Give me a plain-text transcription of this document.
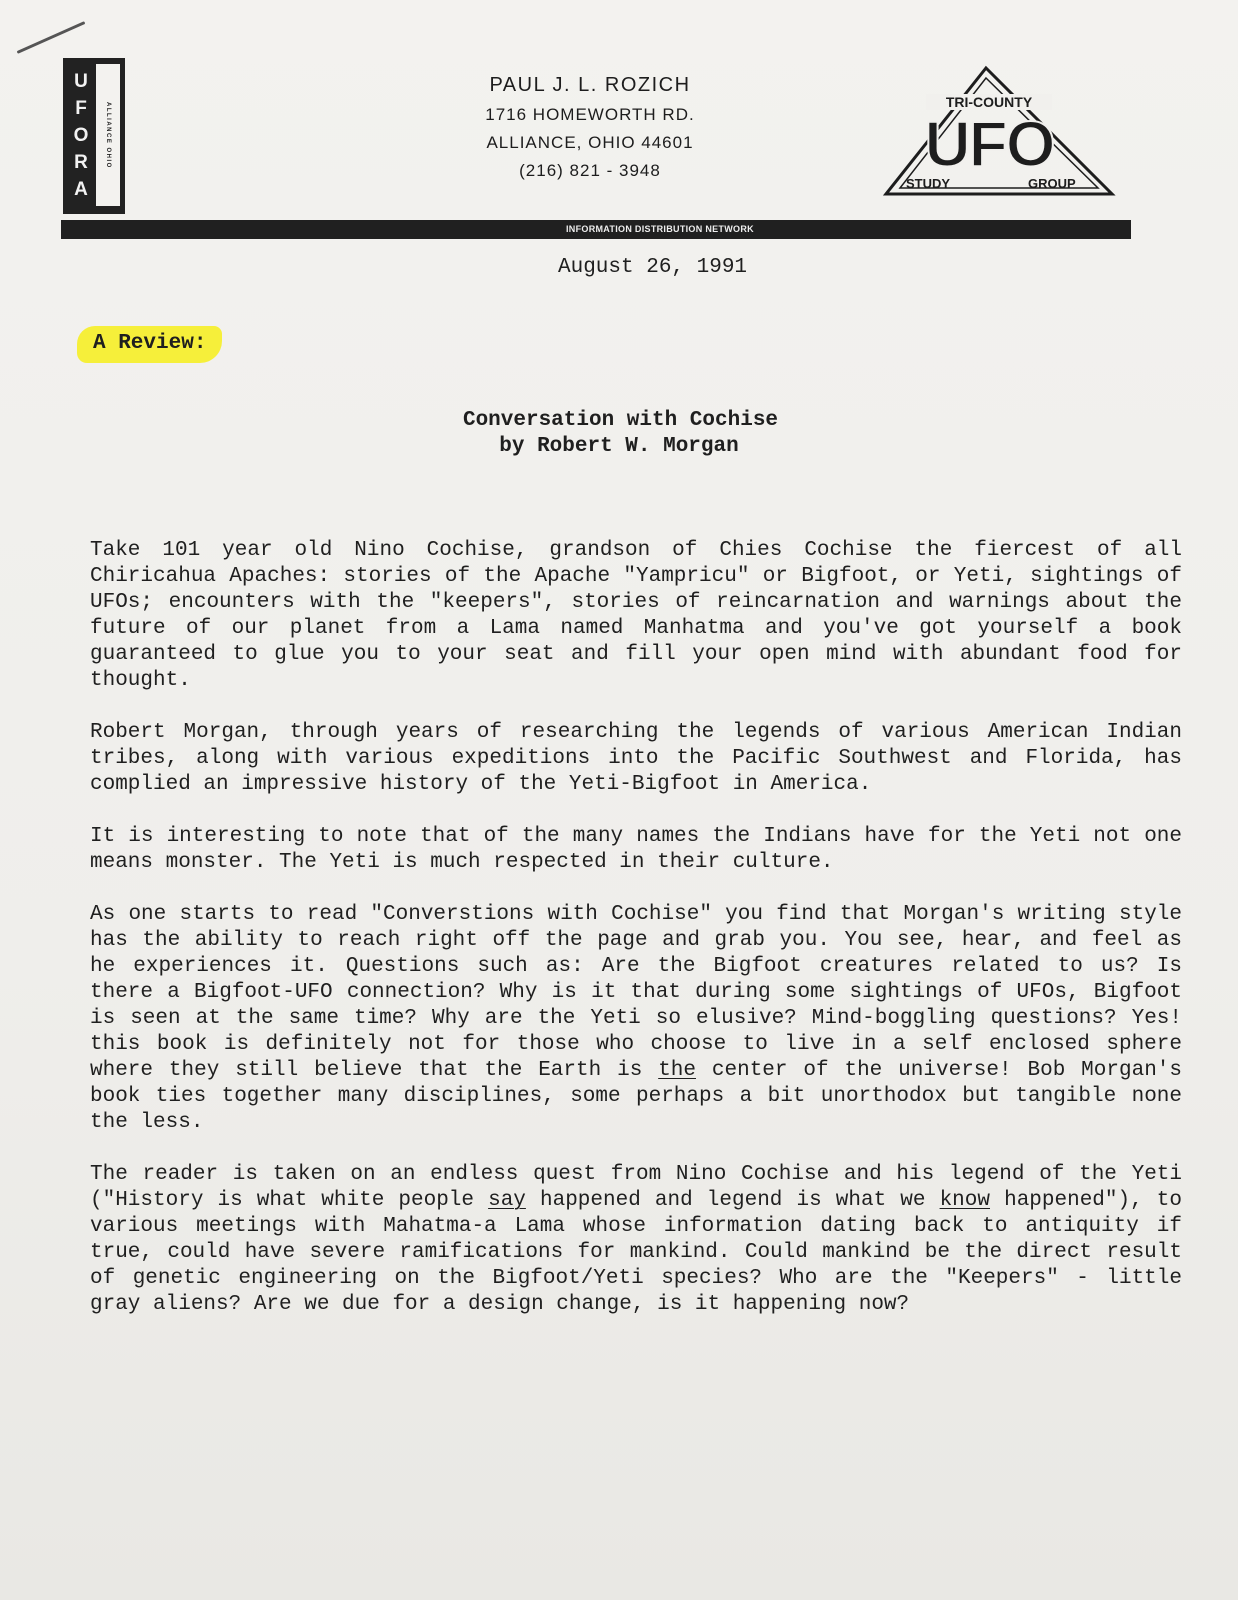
U
F
O
R
A
ALLIANCE OHIO
PAUL J. L. ROZICH
1716 HOMEWORTH RD.
ALLIANCE, OHIO 44601
(216) 821 - 3948
TRI-COUNTY
UFO
STUDY	GROUP
INFORMATION DISTRIBUTION NETWORK
August 26, 1991
A Review:
Conversation with Cochise
by Robert W. Morgan

Take 101 year old Nino Cochise, grandson of Chies Cochise the fiercest of all Chiricahua Apaches: stories of the Apache "Yampricu" or Bigfoot, or Yeti, sightings of UFOs; encounters with the "keepers", stories of reincarnation and warnings about the future of our planet from a Lama named Manhatma and you've got yourself a book guaranteed to glue you to your seat and fill your open mind with abundant food for thought.

Robert Morgan, through years of researching the legends of various American Indian tribes, along with various expeditions into the Pacific Southwest and Florida, has complied an impressive history of the Yeti-Bigfoot in America.

It is interesting to note that of the many names the Indians have for the Yeti not one means monster. The Yeti is much respected in their culture.

As one starts to read "Converstions with Cochise" you find that Morgan's writing style has the ability to reach right off the page and grab you. You see, hear, and feel as he experiences it. Questions such as: Are the Bigfoot creatures related to us? Is there a Bigfoot-UFO connection? Why is it that during some sightings of UFOs, Bigfoot is seen at the same time? Why are the Yeti so elusive? Mind-boggling questions? Yes! this book is definitely not for those who choose to live in a self enclosed sphere where they still believe that the Earth is the center of the universe! Bob Morgan's book ties together many disciplines, some perhaps a bit unorthodox but tangible none the less.

The reader is taken on an endless quest from Nino Cochise and his legend of the Yeti ("History is what white people say happened and legend is what we know happened"), to various meetings with Mahatma-a Lama whose information dating back to antiquity if true, could have severe ramifications for mankind. Could mankind be the direct result of genetic engineering on the Bigfoot/Yeti species? Who are the "Keepers" - little gray aliens? Are we due for a design change, is it happening now?
